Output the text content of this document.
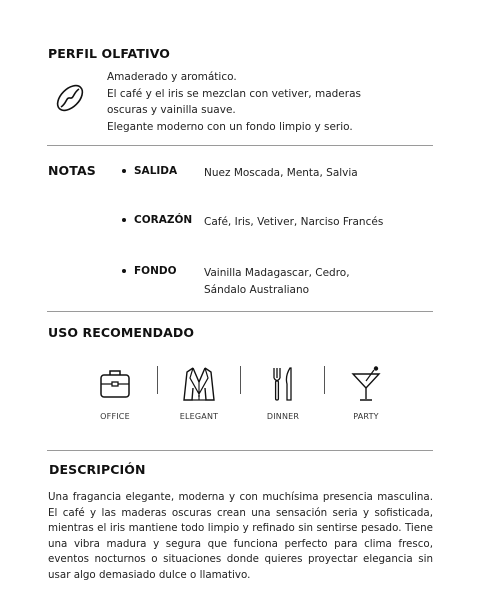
PERFIL OLFATIVO
Amaderado y aromático.
El café y el iris se mezclan con vetiver, maderas
oscuras y vainilla suave.
Elegante moderno con un fondo limpio y serio.
NOTAS	SALIDA	Nuez Moscada, Menta, Salvia
CORAZÓN Café, Iris, Vetiver, Narciso Francés
FONDO	Vainilla Madagascar, Cedro,
Sándalo Australiano
USO RECOMENDADO
OFFICE	ELEGANT	DINNER	PARTY
DESCRIPCIÓN
Una fragancia elegante, moderna y con muchísima presencia masculina. El café y las maderas oscuras crean una sensación seria y sofisticada, mientras el iris mantiene todo limpio y refinado sin sentirse pesado. Tiene una vibra madura y segura que funciona perfecto para clima fresco, eventos nocturnos o situaciones donde quieres proyectar elegancia sin usar algo demasiado dulce o llamativo.
